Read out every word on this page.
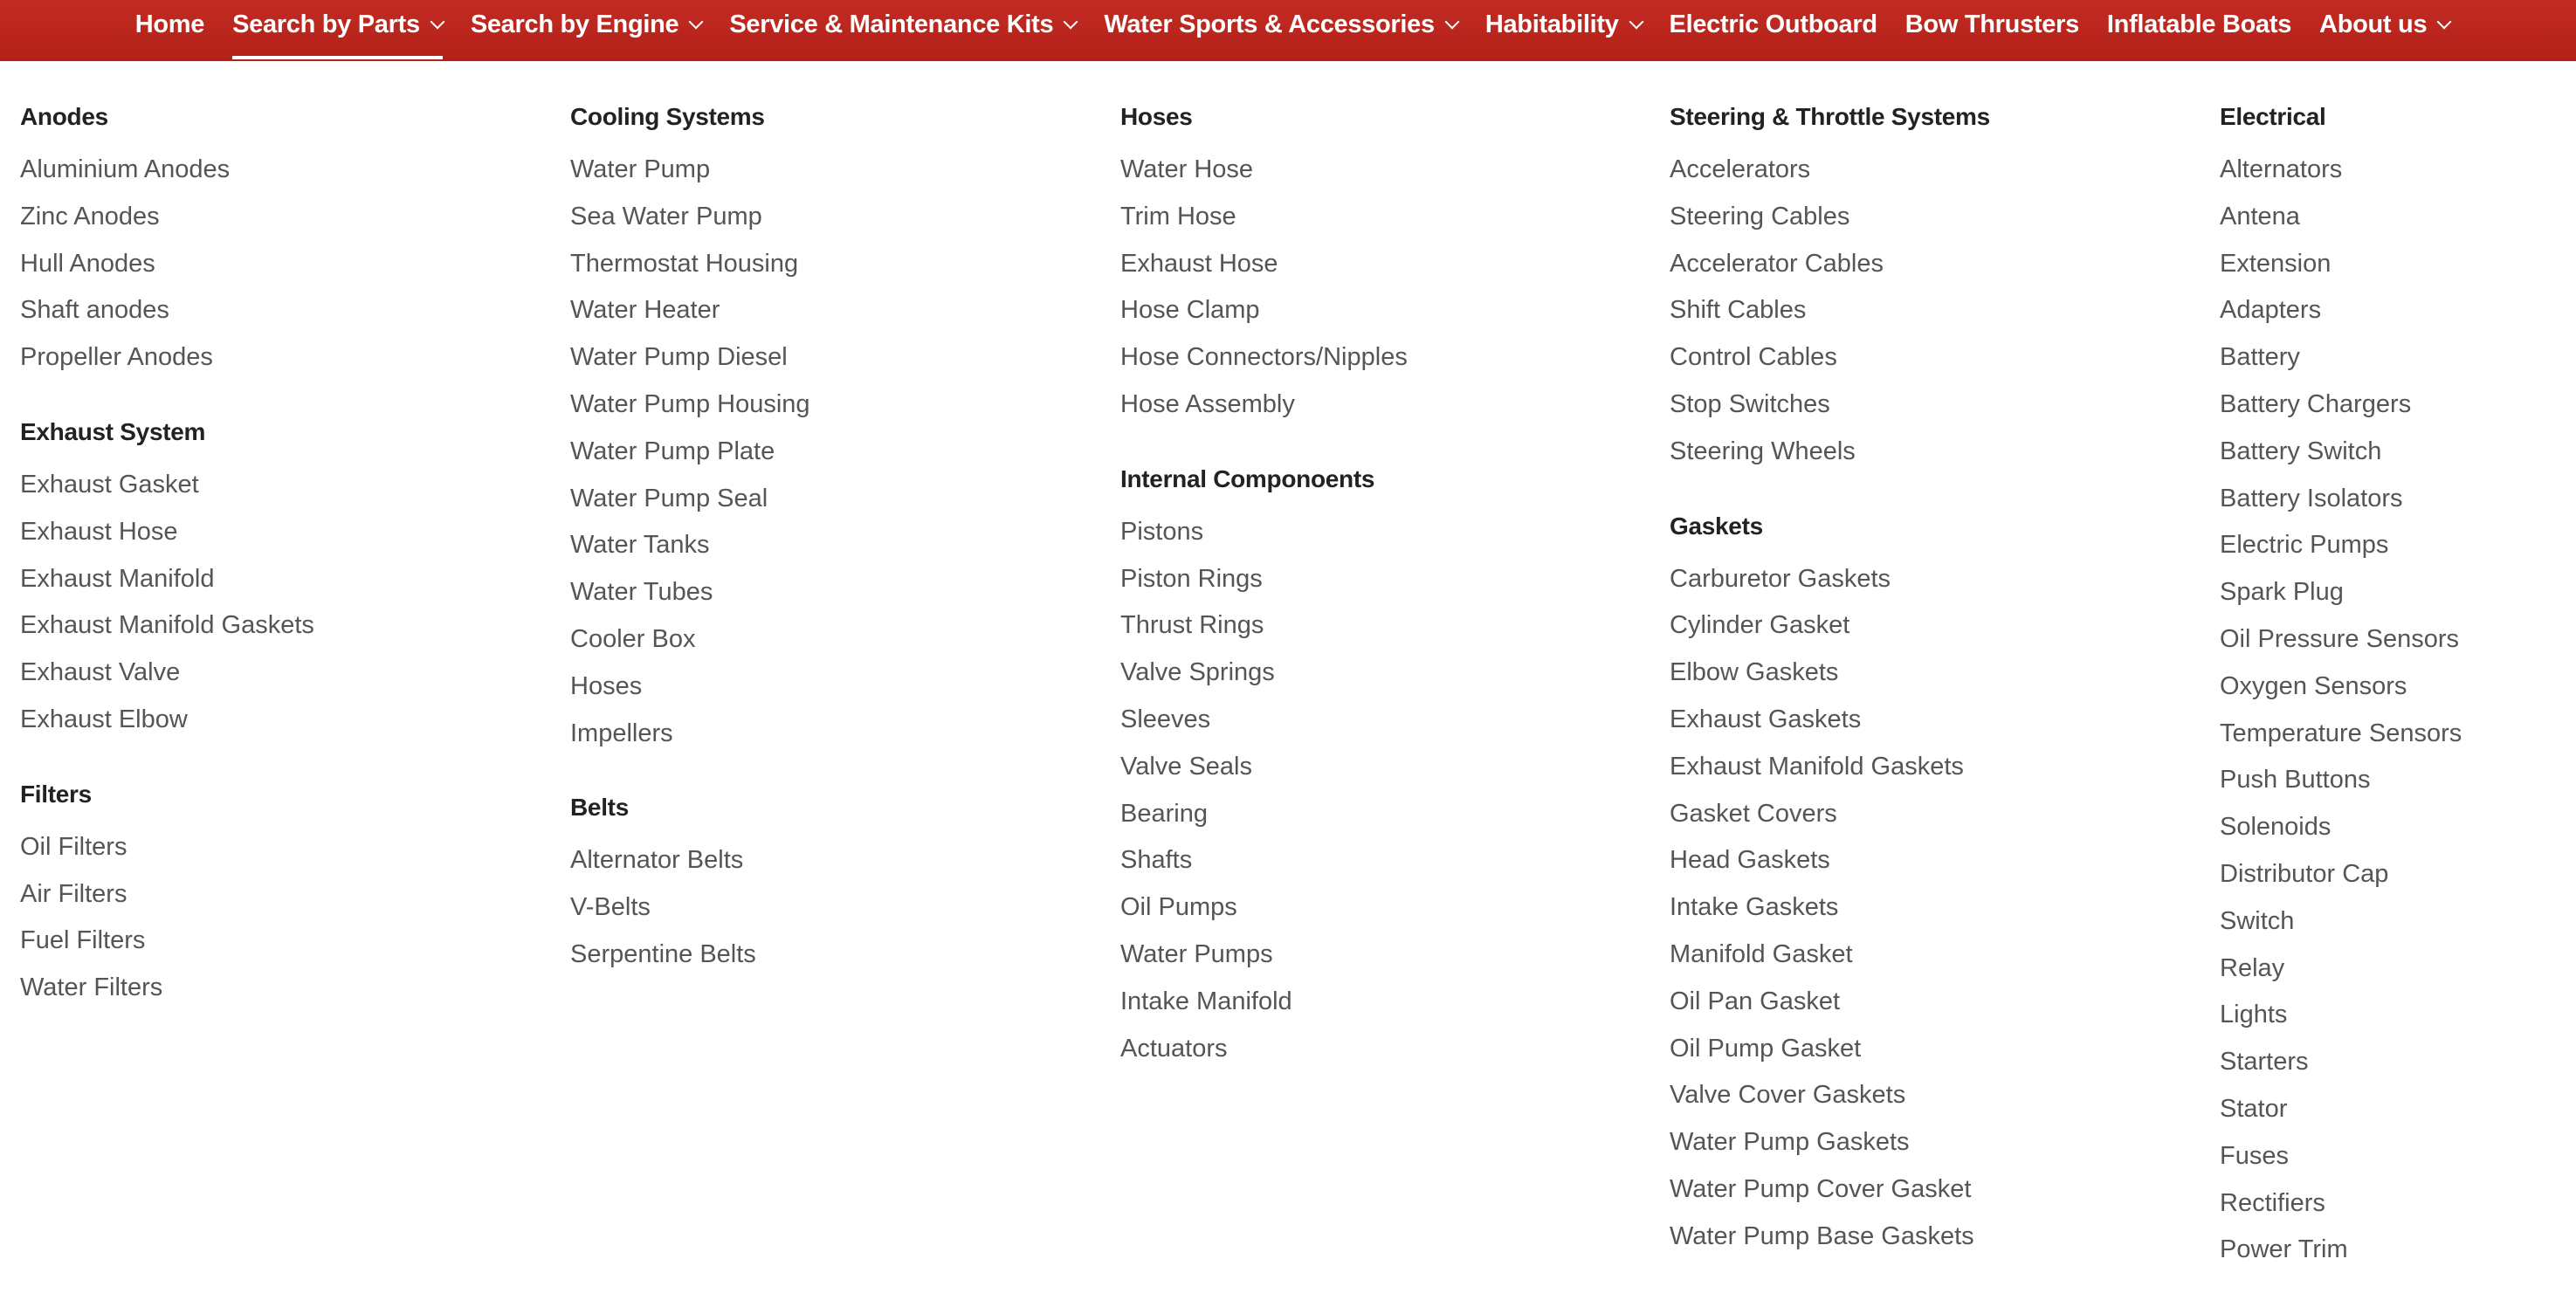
Home Search by Parts Search by Engine Service & Maintenance Kits Water Sports & Accessories Habitability Electric Outboard Bow Thrusters Inflatable Boats About us
Anodes
Aluminium Anodes
Zinc Anodes
Hull Anodes
Shaft anodes
Propeller Anodes
Exhaust System
Exhaust Gasket
Exhaust Hose
Exhaust Manifold
Exhaust Manifold Gaskets
Exhaust Valve
Exhaust Elbow
Filters
Oil Filters
Air Filters
Fuel Filters
Water Filters
Cooling Systems
Water Pump
Sea Water Pump
Thermostat Housing
Water Heater
Water Pump Diesel
Water Pump Housing
Water Pump Plate
Water Pump Seal
Water Tanks
Water Tubes
Cooler Box
Hoses
Impellers
Belts
Alternator Belts
V-Belts
Serpentine Belts
Hoses
Water Hose
Trim Hose
Exhaust Hose
Hose Clamp
Hose Connectors/Nipples
Hose Assembly
Internal Componoents
Pistons
Piston Rings
Thrust Rings
Valve Springs
Sleeves
Valve Seals
Bearing
Shafts
Oil Pumps
Water Pumps
Intake Manifold
Actuators
Steering & Throttle Systems
Accelerators
Steering Cables
Accelerator Cables
Shift Cables
Control Cables
Stop Switches
Steering Wheels
Gaskets
Carburetor Gaskets
Cylinder Gasket
Elbow Gaskets
Exhaust Gaskets
Exhaust Manifold Gaskets
Gasket Covers
Head Gaskets
Intake Gaskets
Manifold Gasket
Oil Pan Gasket
Oil Pump Gasket
Valve Cover Gaskets
Water Pump Gaskets
Water Pump Cover Gasket
Water Pump Base Gaskets
Electrical
Alternators
Antena
Extension
Adapters
Battery
Battery Chargers
Battery Switch
Battery Isolators
Electric Pumps
Spark Plug
Oil Pressure Sensors
Oxygen Sensors
Temperature Sensors
Push Buttons
Solenoids
Distributor Cap
Switch
Relay
Lights
Starters
Stator
Fuses
Rectifiers
Power Trim
